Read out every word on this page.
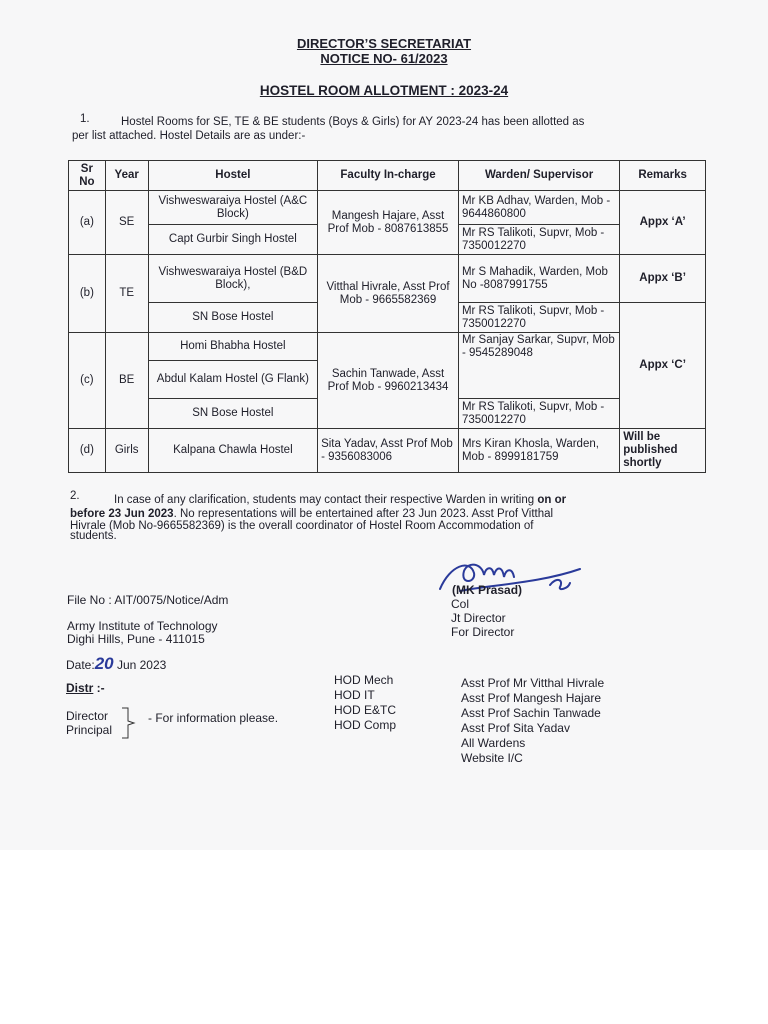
DIRECTOR’S SECRETARIAT
NOTICE NO- 61/2023
HOSTEL ROOM ALLOTMENT : 2023-24
1.	Hostel Rooms for SE, TE & BE students (Boys & Girls) for AY 2023-24 has been allotted as
per list attached. Hostel Details are as under:-
Sr No	Year	Hostel	Faculty In-charge	Warden/ Supervisor	Remarks
(a)	SE	Vishweswaraiya Hostel (A&C Block)	Mangesh Hajare, Asst Prof Mob - 8087613855	Mr KB Adhav, Warden, Mob - 9644860800	Appx ‘A’
		Capt Gurbir Singh Hostel		Mr RS Talikoti, Supvr, Mob - 7350012270	
(b)	TE	Vishweswaraiya Hostel (B&D Block),	Vitthal Hivrale, Asst Prof Mob - 9665582369	Mr S Mahadik, Warden, Mob No -8087991755	Appx ‘B’
		SN Bose Hostel		Mr RS Talikoti, Supvr, Mob - 7350012270	Appx ‘C’
(c)	BE	Homi Bhabha Hostel	Sachin Tanwade, Asst Prof Mob - 9960213434	Mr Sanjay Sarkar, Supvr, Mob - 9545289048	
		Abdul Kalam Hostel (G Flank)			
		SN Bose Hostel		Mr RS Talikoti, Supvr, Mob - 7350012270	
(d)	Girls	Kalpana Chawla Hostel	Sita Yadav, Asst Prof Mob - 9356083006	Mrs Kiran Khosla, Warden, Mob - 8999181759	Will be published shortly
2.	In case of any clarification, students may contact their respective Warden in writing on or
before 23 Jun 2023. No representations will be entertained after 23 Jun 2023. Asst Prof Vitthal
Hivrale (Mob No-9665582369) is the overall coordinator of Hostel Room Accommodation of
students.
(MK Prasad)
Col
Jt Director
For Director
File No : AIT/0075/Notice/Adm
Army Institute of Technology
Dighi Hills, Pune - 411015
Date:20 Jun 2023
Distr :-
Director
Principal
- For information please.
HOD Mech
HOD IT
HOD E&TC
HOD Comp
Asst Prof Mr Vitthal Hivrale
Asst Prof Mangesh Hajare
Asst Prof Sachin Tanwade
Asst Prof Sita Yadav
All Wardens
Website I/C
